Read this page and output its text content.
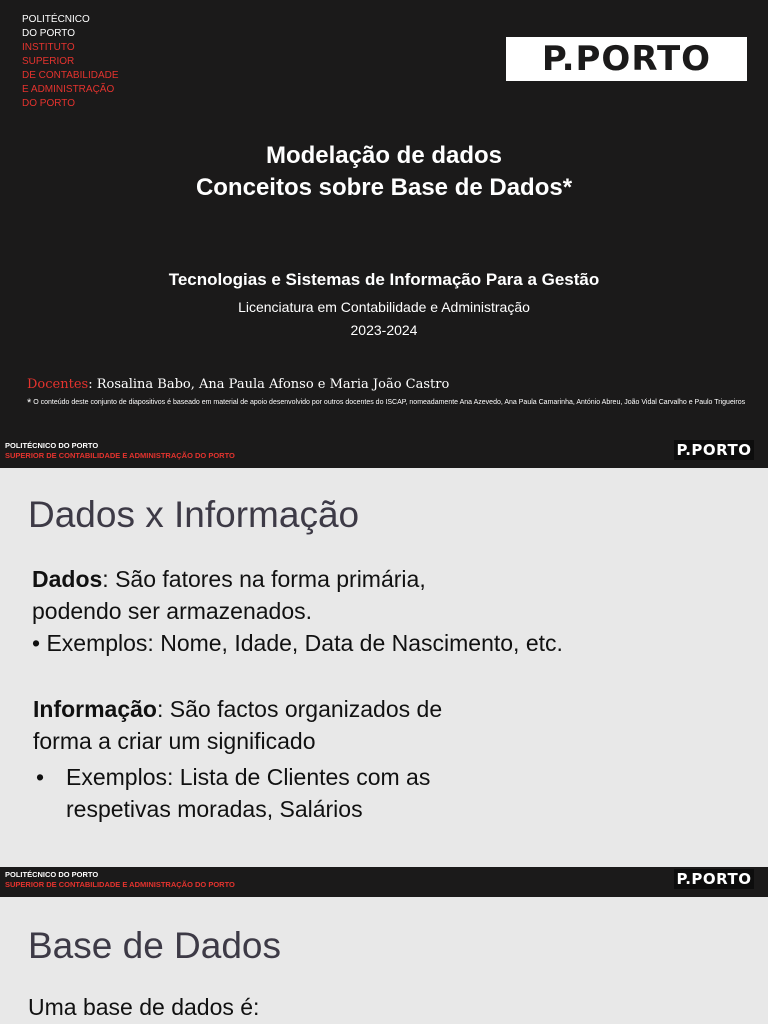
POLITÉCNICO
DO PORTO
INSTITUTO
SUPERIOR
DE CONTABILIDADE
E ADMINISTRAÇÃO
DO PORTO
P.PORTO
Modelação de dados
Conceitos sobre Base de Dados*
Tecnologias e Sistemas de Informação Para a Gestão
Licenciatura em Contabilidade e Administração
2023-2024
Docentes: Rosalina Babo, Ana Paula Afonso e Maria João Castro
* O conteúdo deste conjunto de diapositivos é baseado em material de apoio desenvolvido por outros docentes do ISCAP, nomeadamente Ana Azevedo, Ana Paula Camarinha, António Abreu, João Vidal Carvalho e Paulo Trigueiros
POLITÉCNICO DO PORTO
SUPERIOR DE CONTABILIDADE E ADMINISTRAÇÃO DO PORTO	P.PORTO
Dados x Informação
Dados: São fatores na forma primária,
podendo ser armazenados.
• Exemplos: Nome, Idade, Data de Nascimento, etc.
Informação: São factos organizados de
forma a criar um significado
• Exemplos: Lista de Clientes com as
respetivas moradas, Salários
POLITÉCNICO DO PORTO
SUPERIOR DE CONTABILIDADE E ADMINISTRAÇÃO DO PORTO	P.PORTO
Base de Dados
Uma base de dados é:
